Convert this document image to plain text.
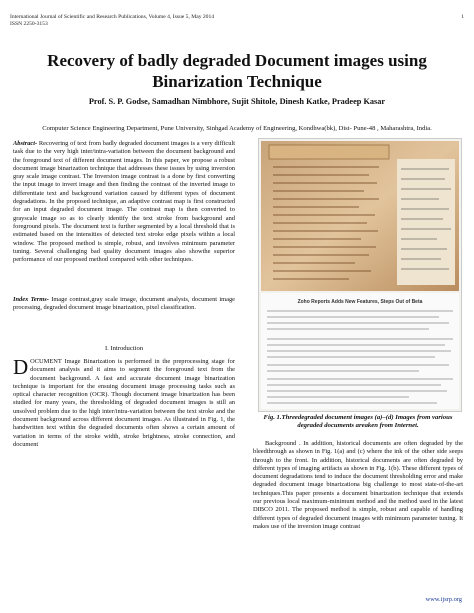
International Journal of Scientific and Research Publications, Volume 4, Issue 5, May 2014
ISSN 2250-3153
1
Recovery of badly degraded Document images using Binarization Technique
Prof. S. P. Godse, Samadhan Nimbhore, Sujit Shitole, Dinesh Katke, Pradeep Kasar
Computer Science Engineering Department, Pune University, Sinhgad Academy of Engineering, Kondhwa(bk), Dist- Pune-48 , Maharashtra, India.
Abstract- Recovering of text from badly degraded document images is a very difficult task due to the very high inter/intra-variation between the document background and the foreground text of different document images. In this paper, we propose a robust document image binarization technique that addresses these issues by using inversion gray scale image contrast. The Inversion image contrast is a done by first converting the input image to invert image and then finding the contrast of the inverted image to differentiate text and background variation caused by different types of document degradations. In the proposed technique, an adaptive contrast map is first constructed for an input degraded document image. The contrast map is then converted to grayscale image so as to clearly identify the text stroke from background and foreground pixels. The document text is further segmented by a local threshold that is estimated based on the intensities of detected text stroke edge pixels within a local window. The proposed method is simple, robust, and involves minimum parameter tuning. Several challenging bad quality document images also showthe superior performance of our proposed method compared with other techniques.
Index Terms- Image contrast,gray scale image, document analysis, document image processing, degraded document image binarization, pixel classification.
I. Introduction
DOCUMENT Image Binarization is performed in the preprocessing stage for document analysis and it aims to segment the foreground text from the document background. A fast and accurate document image binarization technique is important for the ensuing document image processing tasks such as optical character recognition (OCR). Though document image binarization has been studied for many years, the thresholding of degraded document images is still an unsolved problem due to the high inter/intra-variation between the text stroke and the document background across different document images. As illustrated in Fig. 1, the handwritten text within the degraded documents often shows a certain amount of variation in terms of the stroke width, stroke brightness, stroke connection, and document
Zoho Reports Adds New Features, Steps Out of Beta
Fig. 1.Threedegraded document images (a)–(d) Images from various degraded documents areaken from Internet.
Background . In addition, historical documents are often degraded by the bleedthrough as shown in Fig. 1(a) and (c) where the ink of the other side seeps through to the front. In addition, historical documents are often degraded by different types of imaging artifacts as shown in Fig. 1(b). These different types of document degradations tend to induce the document thresholding error and make degraded document image binarizationa big challenge to most state-of-the-art techniques.This paper presents a document binarization technique that extends our previous local maximum-minimum method and the method used in the latest DIBCO 2011. The proposed method is simple, robust and capable of handling different types of degraded document images with minimum parameter tuning. It makes use of the inversion image contrast
www.ijsrp.org
